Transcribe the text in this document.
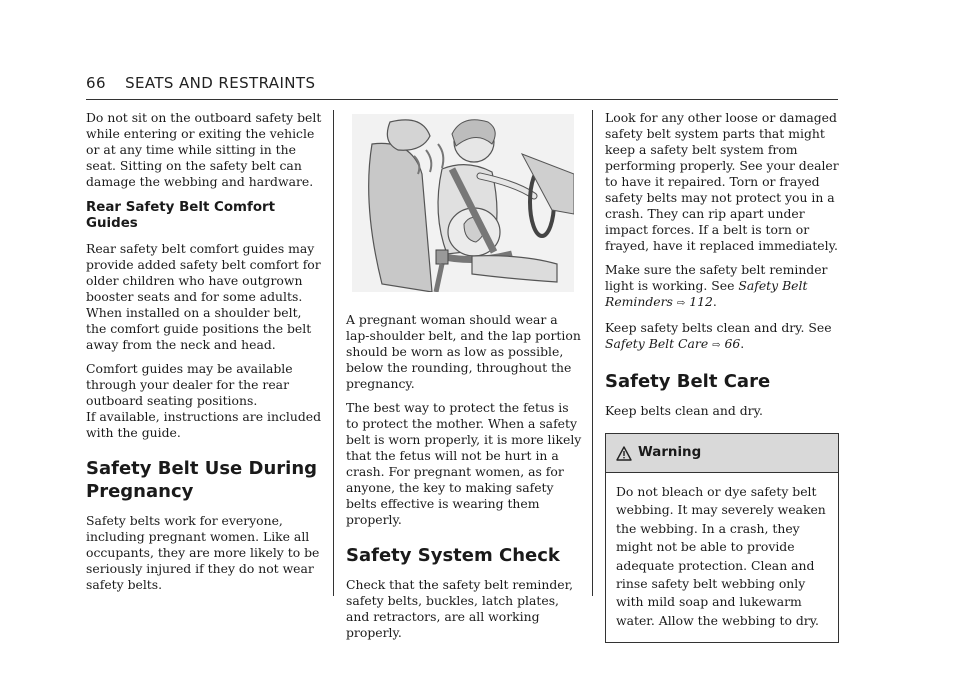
66 SEATS AND RESTRAINTS

Do not sit on the outboard safety belt while entering or exiting the vehicle or at any time while sitting in the seat. Sitting on the safety belt can damage the webbing and hardware.

Rear Safety Belt Comfort Guides

Rear safety belt comfort guides may provide added safety belt comfort for older children who have outgrown booster seats and for some adults. When installed on a shoulder belt, the comfort guide positions the belt away from the neck and head.

Comfort guides may be available through your dealer for the rear outboard seating positions.
If available, instructions are included with the guide.

Safety Belt Use During Pregnancy

Safety belts work for everyone, including pregnant women. Like all occupants, they are more likely to be seriously injured if they do not wear safety belts.

A pregnant woman should wear a lap-shoulder belt, and the lap portion should be worn as low as possible, below the rounding, throughout the pregnancy.

The best way to protect the fetus is to protect the mother. When a safety belt is worn properly, it is more likely that the fetus will not be hurt in a crash. For pregnant women, as for anyone, the key to making safety belts effective is wearing them properly.

Safety System Check

Check that the safety belt reminder, safety belts, buckles, latch plates, and retractors, are all working properly.

Look for any other loose or damaged safety belt system parts that might keep a safety belt system from performing properly. See your dealer to have it repaired. Torn or frayed safety belts may not protect you in a crash. They can rip apart under impact forces. If a belt is torn or frayed, have it replaced immediately.

Make sure the safety belt reminder light is working. See Safety Belt Reminders ⇨ 112.

Keep safety belts clean and dry. See Safety Belt Care ⇨ 66.

Safety Belt Care

Keep belts clean and dry.

Warning

Do not bleach or dye safety belt webbing. It may severely weaken the webbing. In a crash, they might not be able to provide adequate protection. Clean and rinse safety belt webbing only with mild soap and lukewarm water. Allow the webbing to dry.
